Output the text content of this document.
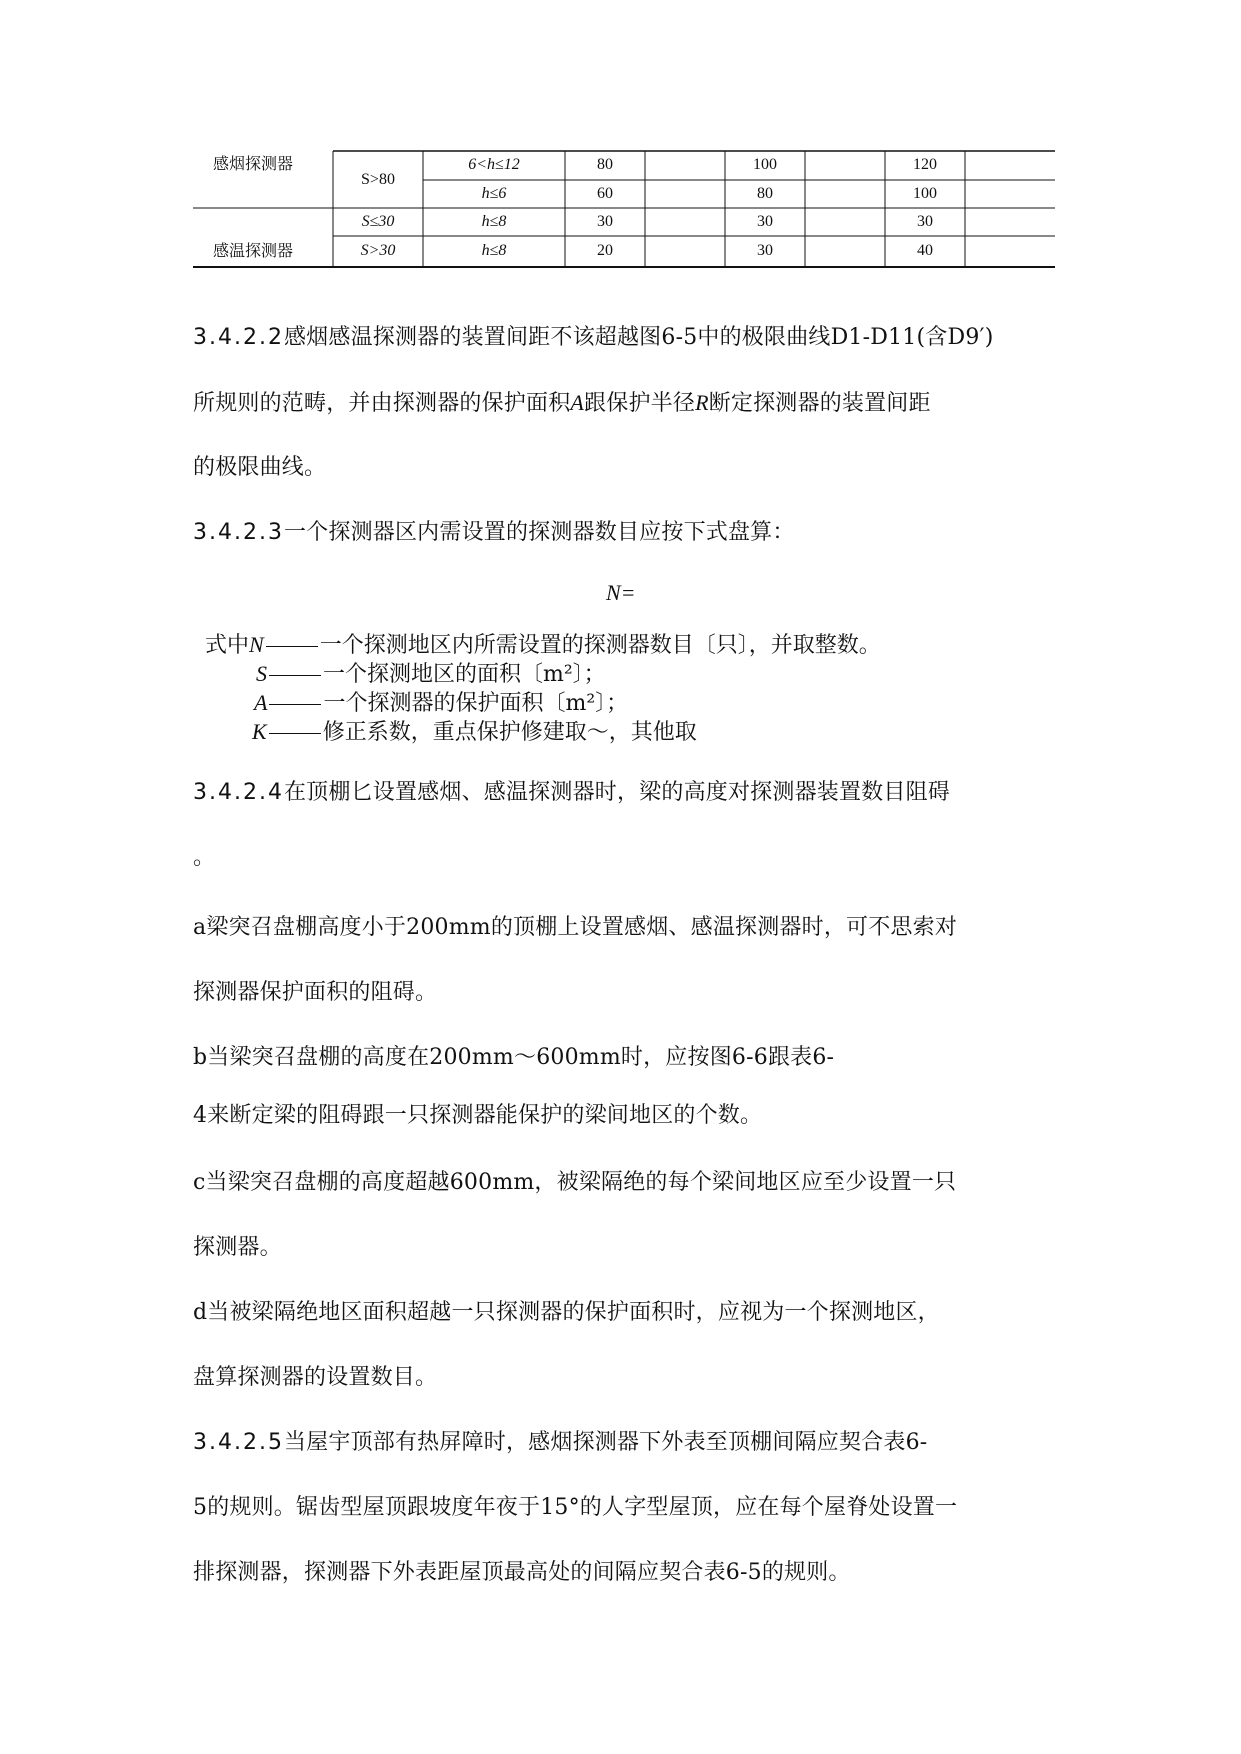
感烟探测器
S>80
6<h≤12	80	100	120
h≤6	60	80	100
感温探测器
S≤30	h≤8	30	30	30
S>30	h≤8	20	30	40
3.4.2.2感烟感温探测器的装置间距不该超越图6-5中的极限曲线D1-D11(含D9′)
所规则的范畴，并由探测器的保护面积A跟保护半径R断定探测器的装置间距
的极限曲线。
3.4.2.3一个探测器区内需设置的探测器数目应按下式盘算：
N=
式中N	一个探测地区内所需设置的探测器数目〔只〕，并取整数。
S	一个探测地区的面积〔m²〕；
A	一个探测器的保护面积〔m²〕；
K	修正系数，重点保护修建取～，其他取
3.4.2.4在顶棚匕设置感烟、感温探测器时，梁的高度对探测器装置数目阻碍
。
a梁突召盘棚高度小于200mm的顶棚上设置感烟、感温探测器时，可不思索对
探测器保护面积的阻碍。
b当梁突召盘棚的高度在200mm～600mm时，应按图6-6跟表6-
4来断定梁的阻碍跟一只探测器能保护的梁间地区的个数。
c当梁突召盘棚的高度超越600mm，被梁隔绝的每个梁间地区应至少设置一只
探测器。
d当被梁隔绝地区面积超越一只探测器的保护面积时，应视为一个探测地区，
盘算探测器的设置数目。
3.4.2.5当屋宇顶部有热屏障时，感烟探测器下外表至顶棚间隔应契合表6-
5的规则。锯齿型屋顶跟坡度年夜于15°的人字型屋顶，应在每个屋脊处设置一
排探测器，探测器下外表距屋顶最高处的间隔应契合表6-5的规则。
